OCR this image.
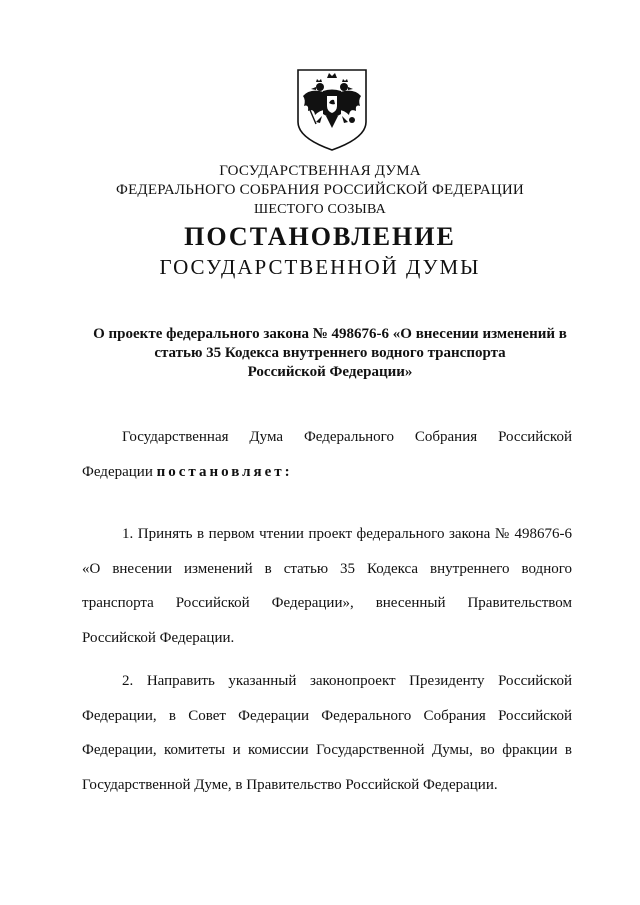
ГОСУДАРСТВЕННАЯ ДУМА
ФЕДЕРАЛЬНОГО СОБРАНИЯ РОССИЙСКОЙ ФЕДЕРАЦИИ
ШЕСТОГО СОЗЫВА
ПОСТАНОВЛЕНИЕ
ГОСУДАРСТВЕННОЙ ДУМЫ
О проекте федерального закона № 498676-6 «О внесении изменений в
статью 35 Кодекса внутреннего водного транспорта
Российской Федерации»
Государственная Дума Федерального Собрания Российской Федерации постановляет:
1. Принять в первом чтении проект федерального закона № 498676-6 «О внесении изменений в статью 35 Кодекса внутреннего водного транспорта Российской Федерации», внесенный Правительством Российской Федерации.
2. Направить указанный законопроект Президенту Российской Федерации, в Совет Федерации Федерального Собрания Российской Федерации, комитеты и комиссии Государственной Думы, во фракции в Государственной Думе, в Правительство Российской Федерации.
